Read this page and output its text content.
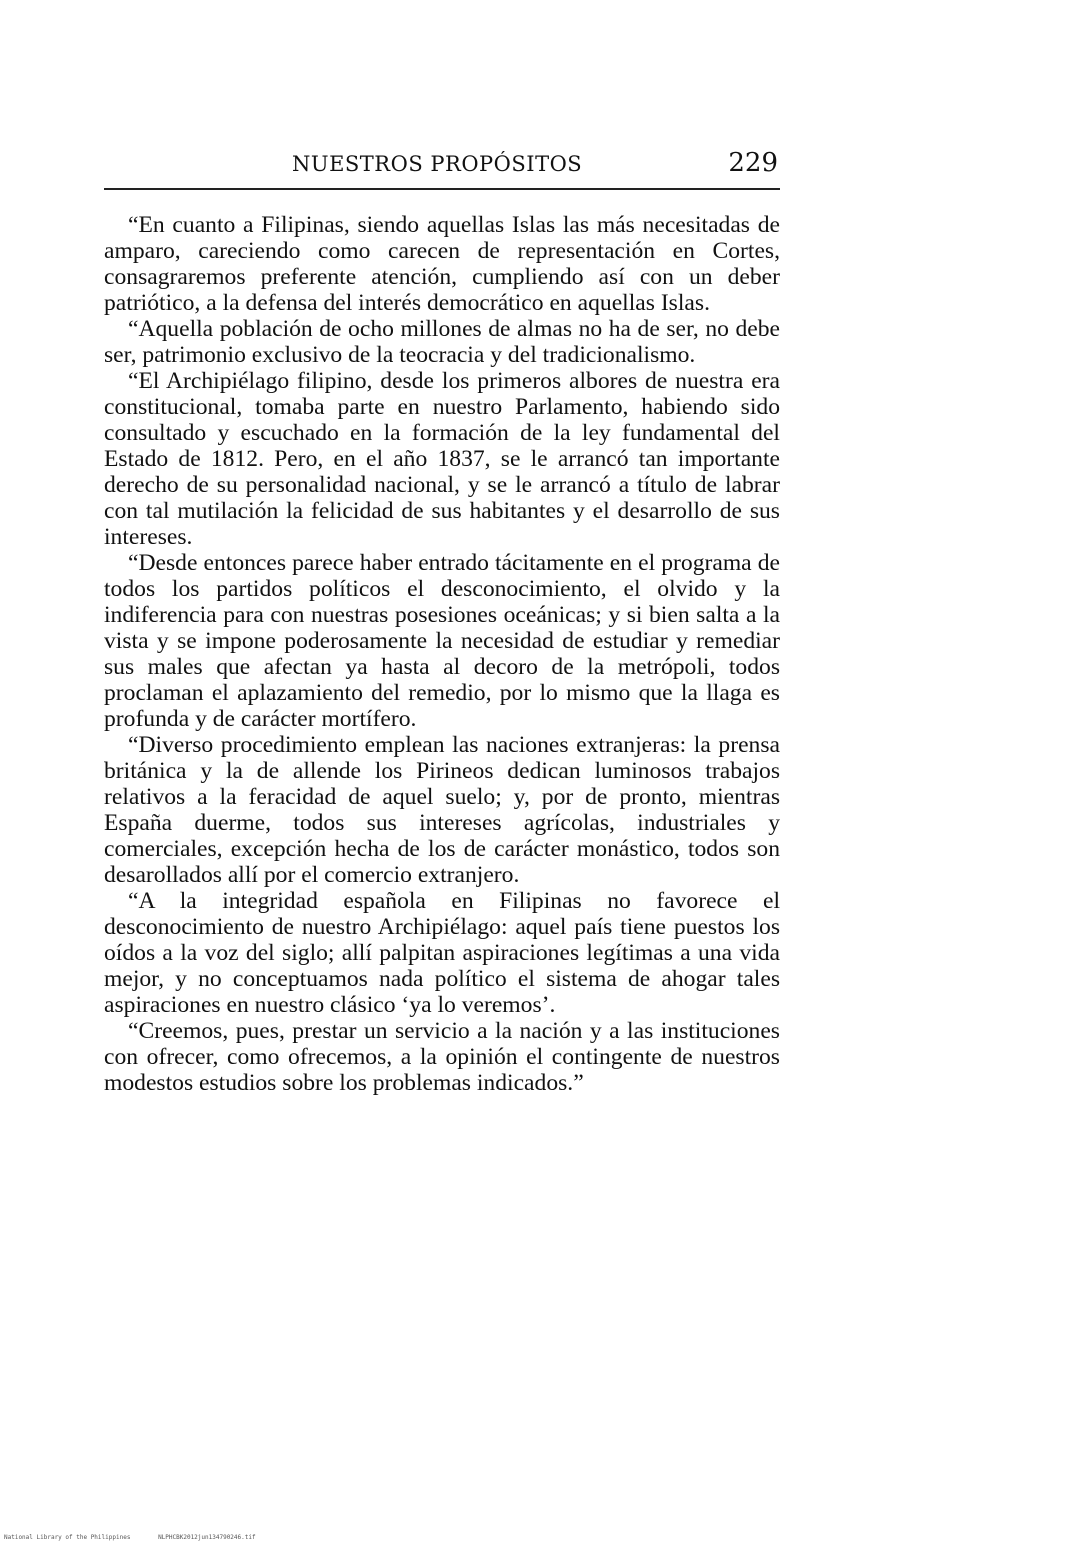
NUESTROS PROPÓSITOS	229

“En cuanto a Filipinas, siendo aquellas Islas las más necesitadas de amparo, careciendo como carecen de representación en Cortes, consagraremos preferente atención, cumpliendo así con un deber patriótico, a la defensa del interés democrático en aquellas Islas.

“Aquella población de ocho millones de almas no ha de ser, no debe ser, patrimonio exclusivo de la teocracia y del tradicionalismo.

“El Archipiélago filipino, desde los primeros albores de nuestra era constitucional, tomaba parte en nuestro Parlamento, habiendo sido consultado y escuchado en la formación de la ley fundamental del Estado de 1812. Pero, en el año 1837, se le arrancó tan importante derecho de su personalidad nacional, y se le arrancó a título de labrar con tal mutilación la felicidad de sus habitantes y el desarrollo de sus intereses.

“Desde entonces parece haber entrado tácitamente en el programa de todos los partidos políticos el desconocimiento, el olvido y la indiferencia para con nuestras posesiones oceánicas; y si bien salta a la vista y se impone poderosamente la necesidad de estudiar y remediar sus males que afectan ya hasta al decoro de la metrópoli, todos proclaman el aplazamiento del remedio, por lo mismo que la llaga es profunda y de carácter mortífero.

“Diverso procedimiento emplean las naciones extranjeras: la prensa británica y la de allende los Pirineos dedican luminosos trabajos relativos a la feracidad de aquel suelo; y, por de pronto, mientras España duerme, todos sus intereses agrícolas, industriales y comerciales, excepción hecha de los de carácter monástico, todos son desarollados allí por el comercio extranjero.

“A la integridad española en Filipinas no favorece el desconocimiento de nuestro Archipiélago: aquel país tiene puestos los oídos a la voz del siglo; allí palpitan aspiraciones legítimas a una vida mejor, y no conceptuamos nada político el sistema de ahogar tales aspiraciones en nuestro clásico ‘ya lo veremos’.

“Creemos, pues, prestar un servicio a la nación y a las instituciones con ofrecer, como ofrecemos, a la opinión el contingente de nuestros modestos estudios sobre los problemas indicados.”

National Library of the Philippines	NLPHCBK2012jun134790246.tif
